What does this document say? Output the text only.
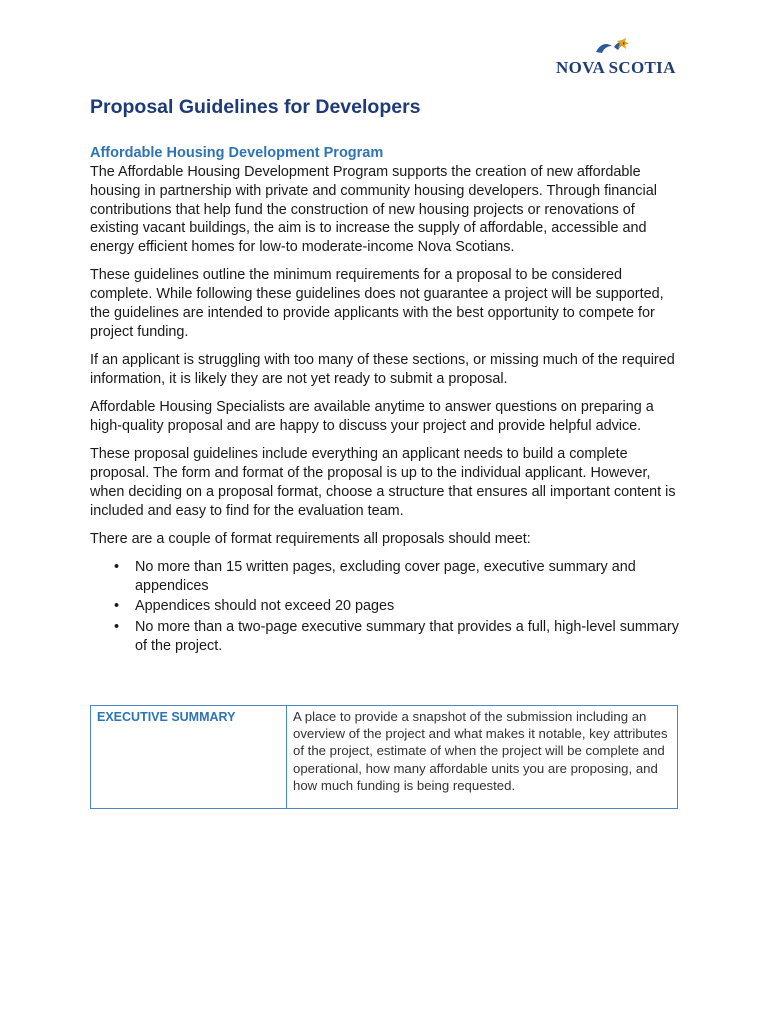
NOVA SCOTIA
Proposal Guidelines for Developers
Affordable Housing Development Program

The Affordable Housing Development Program supports the creation of new affordable housing in partnership with private and community housing developers. Through financial contributions that help fund the construction of new housing projects or renovations of existing vacant buildings, the aim is to increase the supply of affordable, accessible and energy efficient homes for low-to moderate-income Nova Scotians.

These guidelines outline the minimum requirements for a proposal to be considered complete. While following these guidelines does not guarantee a project will be supported, the guidelines are intended to provide applicants with the best opportunity to compete for project funding.

If an applicant is struggling with too many of these sections, or missing much of the required information, it is likely they are not yet ready to submit a proposal.

Affordable Housing Specialists are available anytime to answer questions on preparing a high-quality proposal and are happy to discuss your project and provide helpful advice.

These proposal guidelines include everything an applicant needs to build a complete proposal. The form and format of the proposal is up to the individual applicant. However, when deciding on a proposal format, choose a structure that ensures all important content is included and easy to find for the evaluation team.

There are a couple of format requirements all proposals should meet:

• No more than 15 written pages, excluding cover page, executive summary and appendices
• Appendices should not exceed 20 pages
• No more than a two-page executive summary that provides a full, high-level summary of the project.
EXECUTIVE SUMMARY	A place to provide a snapshot of the submission including an overview of the project and what makes it notable, key attributes of the project, estimate of when the project will be complete and operational, how many affordable units you are proposing, and how much funding is being requested.
